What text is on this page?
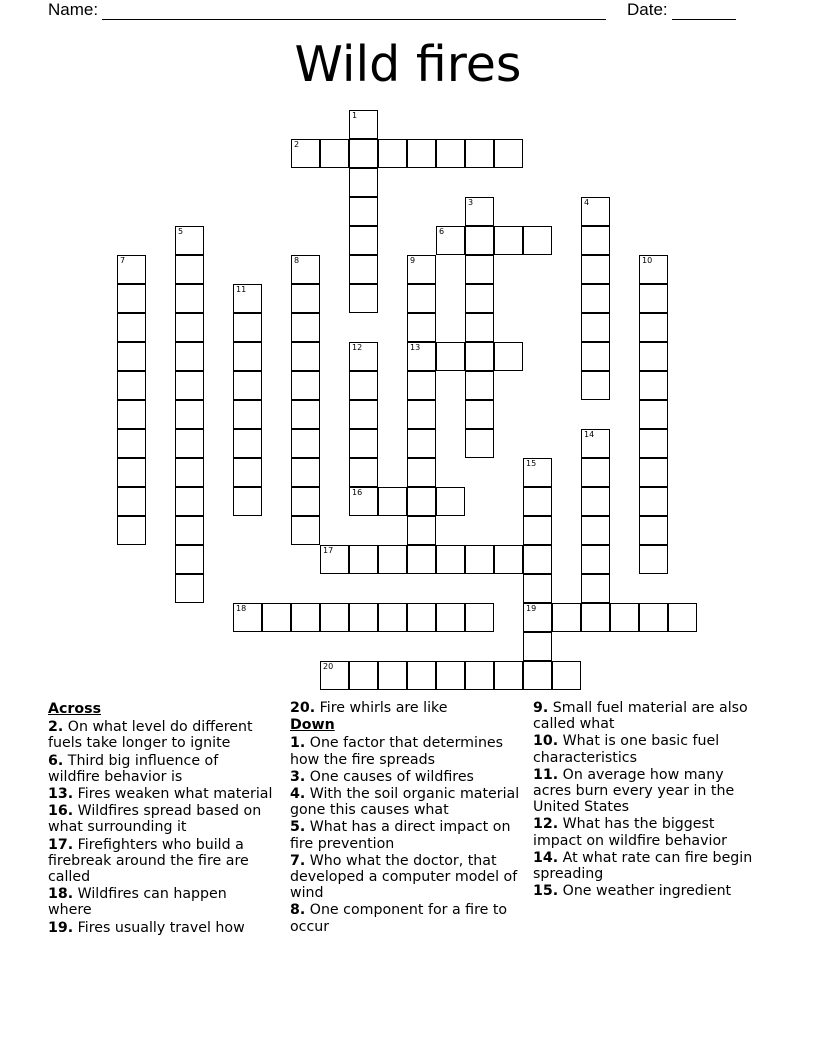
Name:	Date:
Wild fires
1
2
3	4
5	6
7	8	9
13
10
11
12
14
15
19
16
17
18
20
Across
2. On what level do different fuels take longer to ignite
6. Third big influence of wildfire behavior is
13. Fires weaken what material
16. Wildfires spread based on what surrounding it
17. Firefighters who build a firebreak around the fire are called
18. Wildfires can happen where
19. Fires usually travel how
20. Fire whirls are like
Down
1. One factor that determines how the fire spreads
3. One causes of wildfires
4. With the soil organic material gone this causes what
5. What has a direct impact on fire prevention
7. Who what the doctor, that developed a computer model of wind
8. One component for a fire to occur
9. Small fuel material are also called what
10. What is one basic fuel characteristics
11. On average how many acres burn every year in the United States
12. What has the biggest impact on wildfire behavior
14. At what rate can fire begin spreading
15. One weather ingredient
